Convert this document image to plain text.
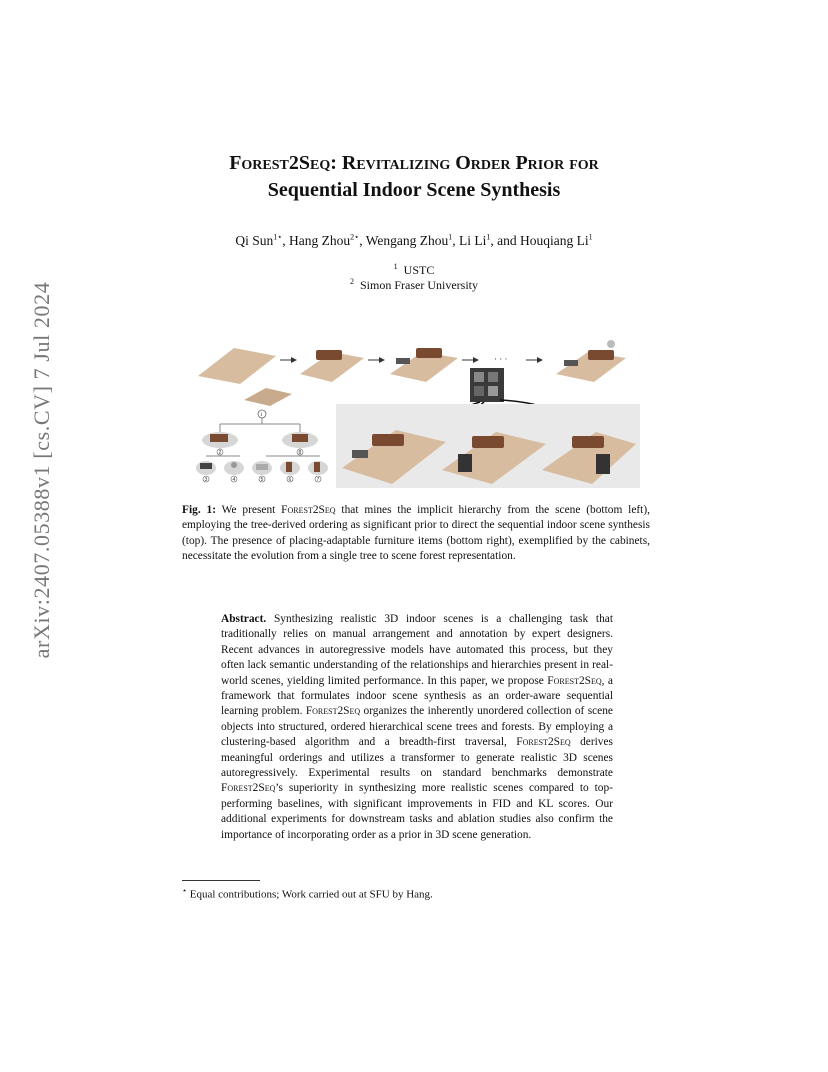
arXiv:2407.05388v1 [cs.CV] 7 Jul 2024
Forest2Seq: Revitalizing Order Prior for
Sequential Indoor Scene Synthesis
Qi Sun$^{1⋆}$, Hang Zhou$^{2⋆}$, Wengang Zhou$^1$, Li Li$^1$, and Houqiang Li$^1$
$^1$ USTC
$^2$ Simon Fraser University
· · ·
1
3	4	5	6	7
2	8
Fig. 1: We present Forest2Seq that mines the implicit hierarchy from the scene (bottom left), employing the tree-derived ordering as significant prior to direct the sequential indoor scene synthesis (top). The presence of placing-adaptable furniture items (bottom right), exemplified by the cabinets, necessitate the evolution from a single tree to scene forest representation.
Abstract. Synthesizing realistic 3D indoor scenes is a challenging task that traditionally relies on manual arrangement and annotation by expert designers. Recent advances in autoregressive models have automated this process, but they often lack semantic understanding of the relationships and hierarchies present in real-world scenes, yielding limited performance. In this paper, we propose Forest2Seq, a framework that formulates indoor scene synthesis as an order-aware sequential learning problem. Forest2Seq organizes the inherently unordered collection of scene objects into structured, ordered hierarchical scene trees and forests. By employing a clustering-based algorithm and a breadth-first traversal, Forest2Seq derives meaningful orderings and utilizes a transformer to generate realistic 3D scenes autoregressively. Experimental results on standard benchmarks demonstrate Forest2Seq’s superiority in synthesizing more realistic scenes compared to top-performing baselines, with significant improvements in FID and KL scores. Our additional experiments for downstream tasks and ablation studies also confirm the importance of incorporating order as a prior in 3D scene generation.
⋆ Equal contributions; Work carried out at SFU by Hang.
